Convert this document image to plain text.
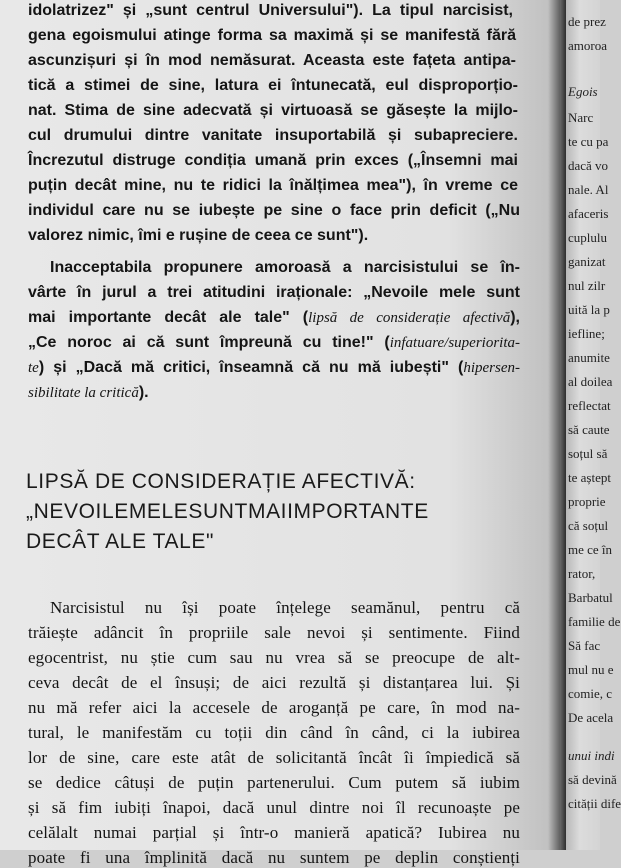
idolatrizez" și „sunt centrul Universului"). La tipul narcisist,
gena egoismului atinge forma sa maximă și se manifestă fără
ascunzișuri și în mod nemăsurat. Aceasta este fațeta antipa-
tică a stimei de sine, latura ei întunecată, eul disproporțio-
nat. Stima de sine adecvată și virtuoasă se găsește la mijlo-
cul drumului dintre vanitate insuportabilă și subapreciere.
Încrezutul distruge condiția umană prin exces („Însemni mai
puțin decât mine, nu te ridici la înălțimea mea"), în vreme ce
individul care nu se iubește pe sine o face prin deficit („Nu
valorez nimic, îmi e rușine de ceea ce sunt").
Inacceptabila propunere amoroasă a narcisistului se în-
vârte în jurul a trei atitudini iraționale: „Nevoile mele sunt
mai importante decât ale tale" (lipsă de considerație afectivă),
„Ce noroc ai că sunt împreună cu tine!" (infatuare/superiorita-
te) și „Dacă mă critici, înseamnă că nu mă iubești" (hipersen-
sibilitate la critică).
LIPSĂ DE CONSIDERAȚIE AFECTIVĂ:
„NEVOILEMELESUNTMAIIMPORTANTE
DECÂT ALE TALE"
Narcisistul nu își poate înțelege seamănul, pentru că
trăiește adâncit în propriile sale nevoi și sentimente. Fiind
egocentrist, nu știe cum sau nu vrea să se preocupe de alt-
ceva decât de el însuși; de aici rezultă și distanțarea lui. Și
nu mă refer aici la accesele de aroganță pe care, în mod na-
tural, le manifestăm cu toții din când în când, ci la iubirea
lor de sine, care este atât de solicitantă încât îi împiedică să
se dedice câtuși de puțin partenerului. Cum putem să iubim
și să fim iubiți înapoi, dacă unul dintre noi îl recunoaște pe
celălalt numai parțial și într-o manieră apatică? Iubirea nu
poate fi una împlinită dacă nu suntem pe deplin conștienți
de prez
amoroa
Egois
Narc
te cu pa
dacă vo
nale. Al
afaceris
cuplulu
ganizat
nul zilr
uită la p
iefline;
anumite
al doilea
reflectat
să caute
soțul să
te aștept
proprie
că soțul
me ce în
rator,
Barbatul
familie de
Să fac
mul nu e
comie, c
De acela
unui indi
să devină
cității dife
